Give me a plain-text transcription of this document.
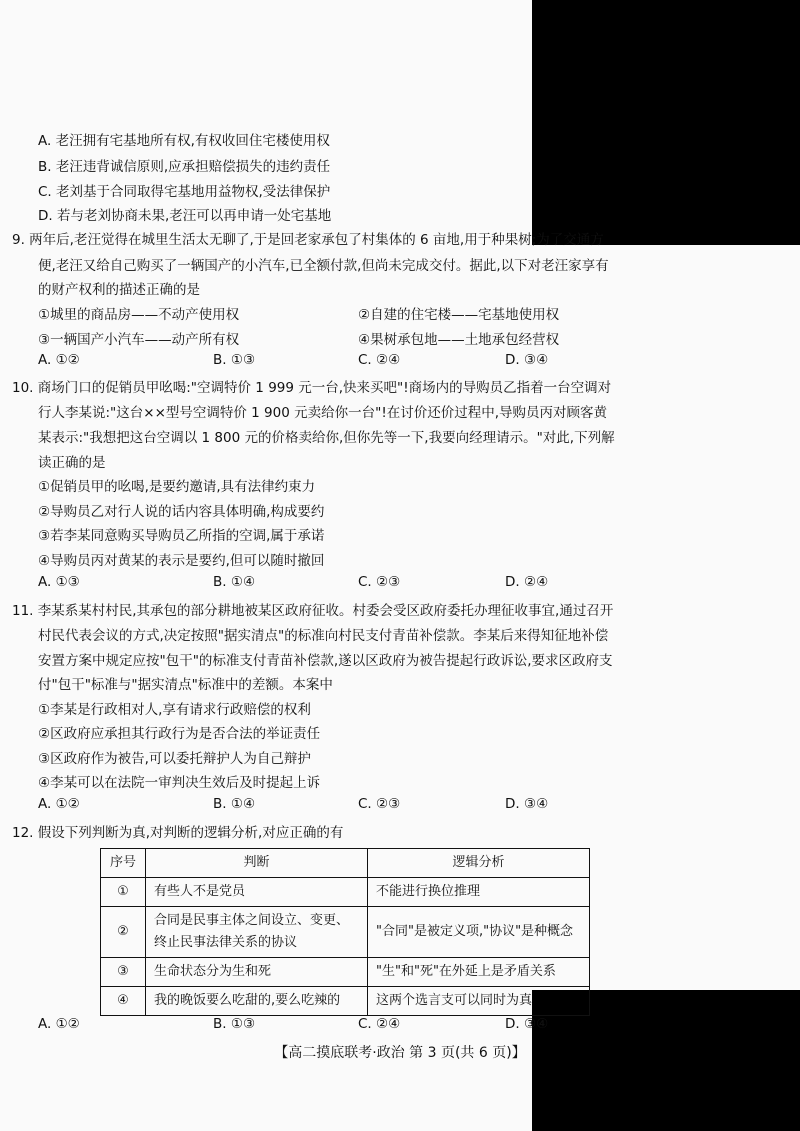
A. 老汪拥有宅基地所有权,有权收回住宅楼使用权
B. 老汪违背诚信原则,应承担赔偿损失的违约责任
C. 老刘基于合同取得宅基地用益物权,受法律保护
D. 若与老刘协商未果,老汪可以再申请一处宅基地
9. 两年后,老汪觉得在城里生活太无聊了,于是回老家承包了村集体的 6 亩地,用于种果树;为了交通方
便,老汪又给自己购买了一辆国产的小汽车,已全额付款,但尚未完成交付。据此,以下对老汪家享有
的财产权利的描述正确的是
①城里的商品房——不动产使用权	②自建的住宅楼——宅基地使用权
③一辆国产小汽车——动产所有权	④果树承包地——土地承包经营权
A. ①②	B. ①③	C. ②④	D. ③④
10. 商场门口的促销员甲吆喝:"空调特价 1 999 元一台,快来买吧"!商场内的导购员乙指着一台空调对
行人李某说:"这台××型号空调特价 1 900 元卖给你一台"!在讨价还价过程中,导购员丙对顾客黄
某表示:"我想把这台空调以 1 800 元的价格卖给你,但你先等一下,我要向经理请示。"对此,下列解
读正确的是
①促销员甲的吆喝,是要约邀请,具有法律约束力
②导购员乙对行人说的话内容具体明确,构成要约
③若李某同意购买导购员乙所指的空调,属于承诺
④导购员丙对黄某的表示是要约,但可以随时撤回
A. ①③	B. ①④	C. ②③	D. ②④
11. 李某系某村村民,其承包的部分耕地被某区政府征收。村委会受区政府委托办理征收事宜,通过召开
村民代表会议的方式,决定按照"据实清点"的标准向村民支付青苗补偿款。李某后来得知征地补偿
安置方案中规定应按"包干"的标准支付青苗补偿款,遂以区政府为被告提起行政诉讼,要求区政府支
付"包干"标准与"据实清点"标准中的差额。本案中
①李某是行政相对人,享有请求行政赔偿的权利
②区政府应承担其行政行为是否合法的举证责任
③区政府作为被告,可以委托辩护人为自己辩护
④李某可以在法院一审判决生效后及时提起上诉
A. ①②	B. ①④	C. ②③	D. ③④
12. 假设下列判断为真,对判断的逻辑分析,对应正确的有
序号	判断	逻辑分析
①	有些人不是党员	不能进行换位推理
②	合同是民事主体之间设立、变更、终止民事法律关系的协议	"合同"是被定义项,"协议"是种概念
③	生命状态分为生和死	"生"和"死"在外延上是矛盾关系
④	我的晚饭要么吃甜的,要么吃辣的	这两个选言支可以同时为真
A. ①②	B. ①③	C. ②④	D. ③④
【高二摸底联考·政治 第 3 页(共 6 页)】
